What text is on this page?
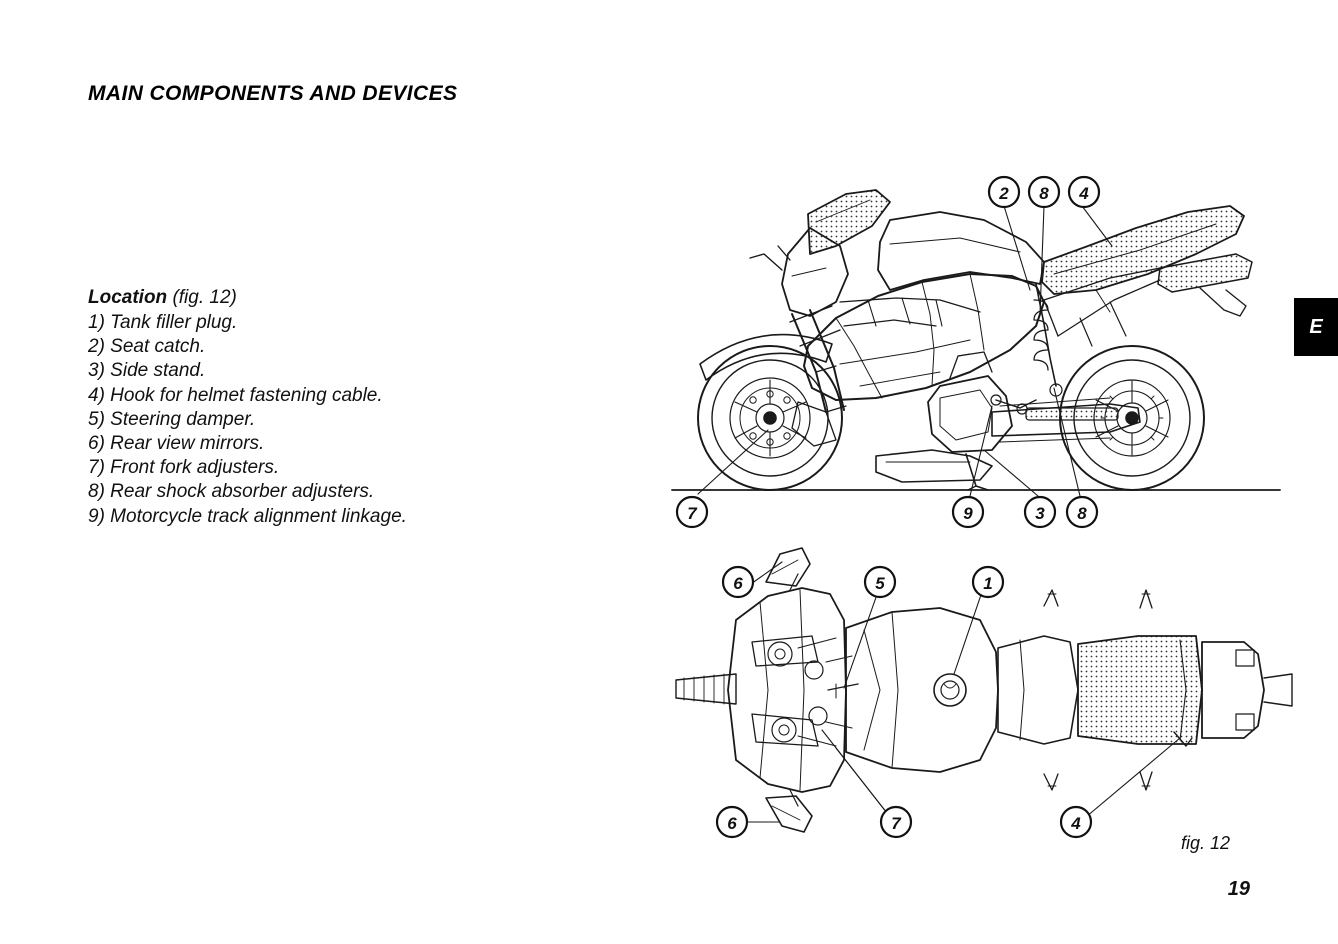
MAIN COMPONENTS AND DEVICES
E
Location (fig. 12)
1) Tank filler plug.
2) Seat catch.
3) Side stand.
4) Hook for helmet fastening cable.
5) Steering damper.
6) Rear view mirrors.
7) Front fork adjusters.
8) Rear shock absorber adjusters.
9) Motorcycle track alignment linkage.
2 8 4
7	9	3 8
6	5	1
6	7	4
fig. 12
19
